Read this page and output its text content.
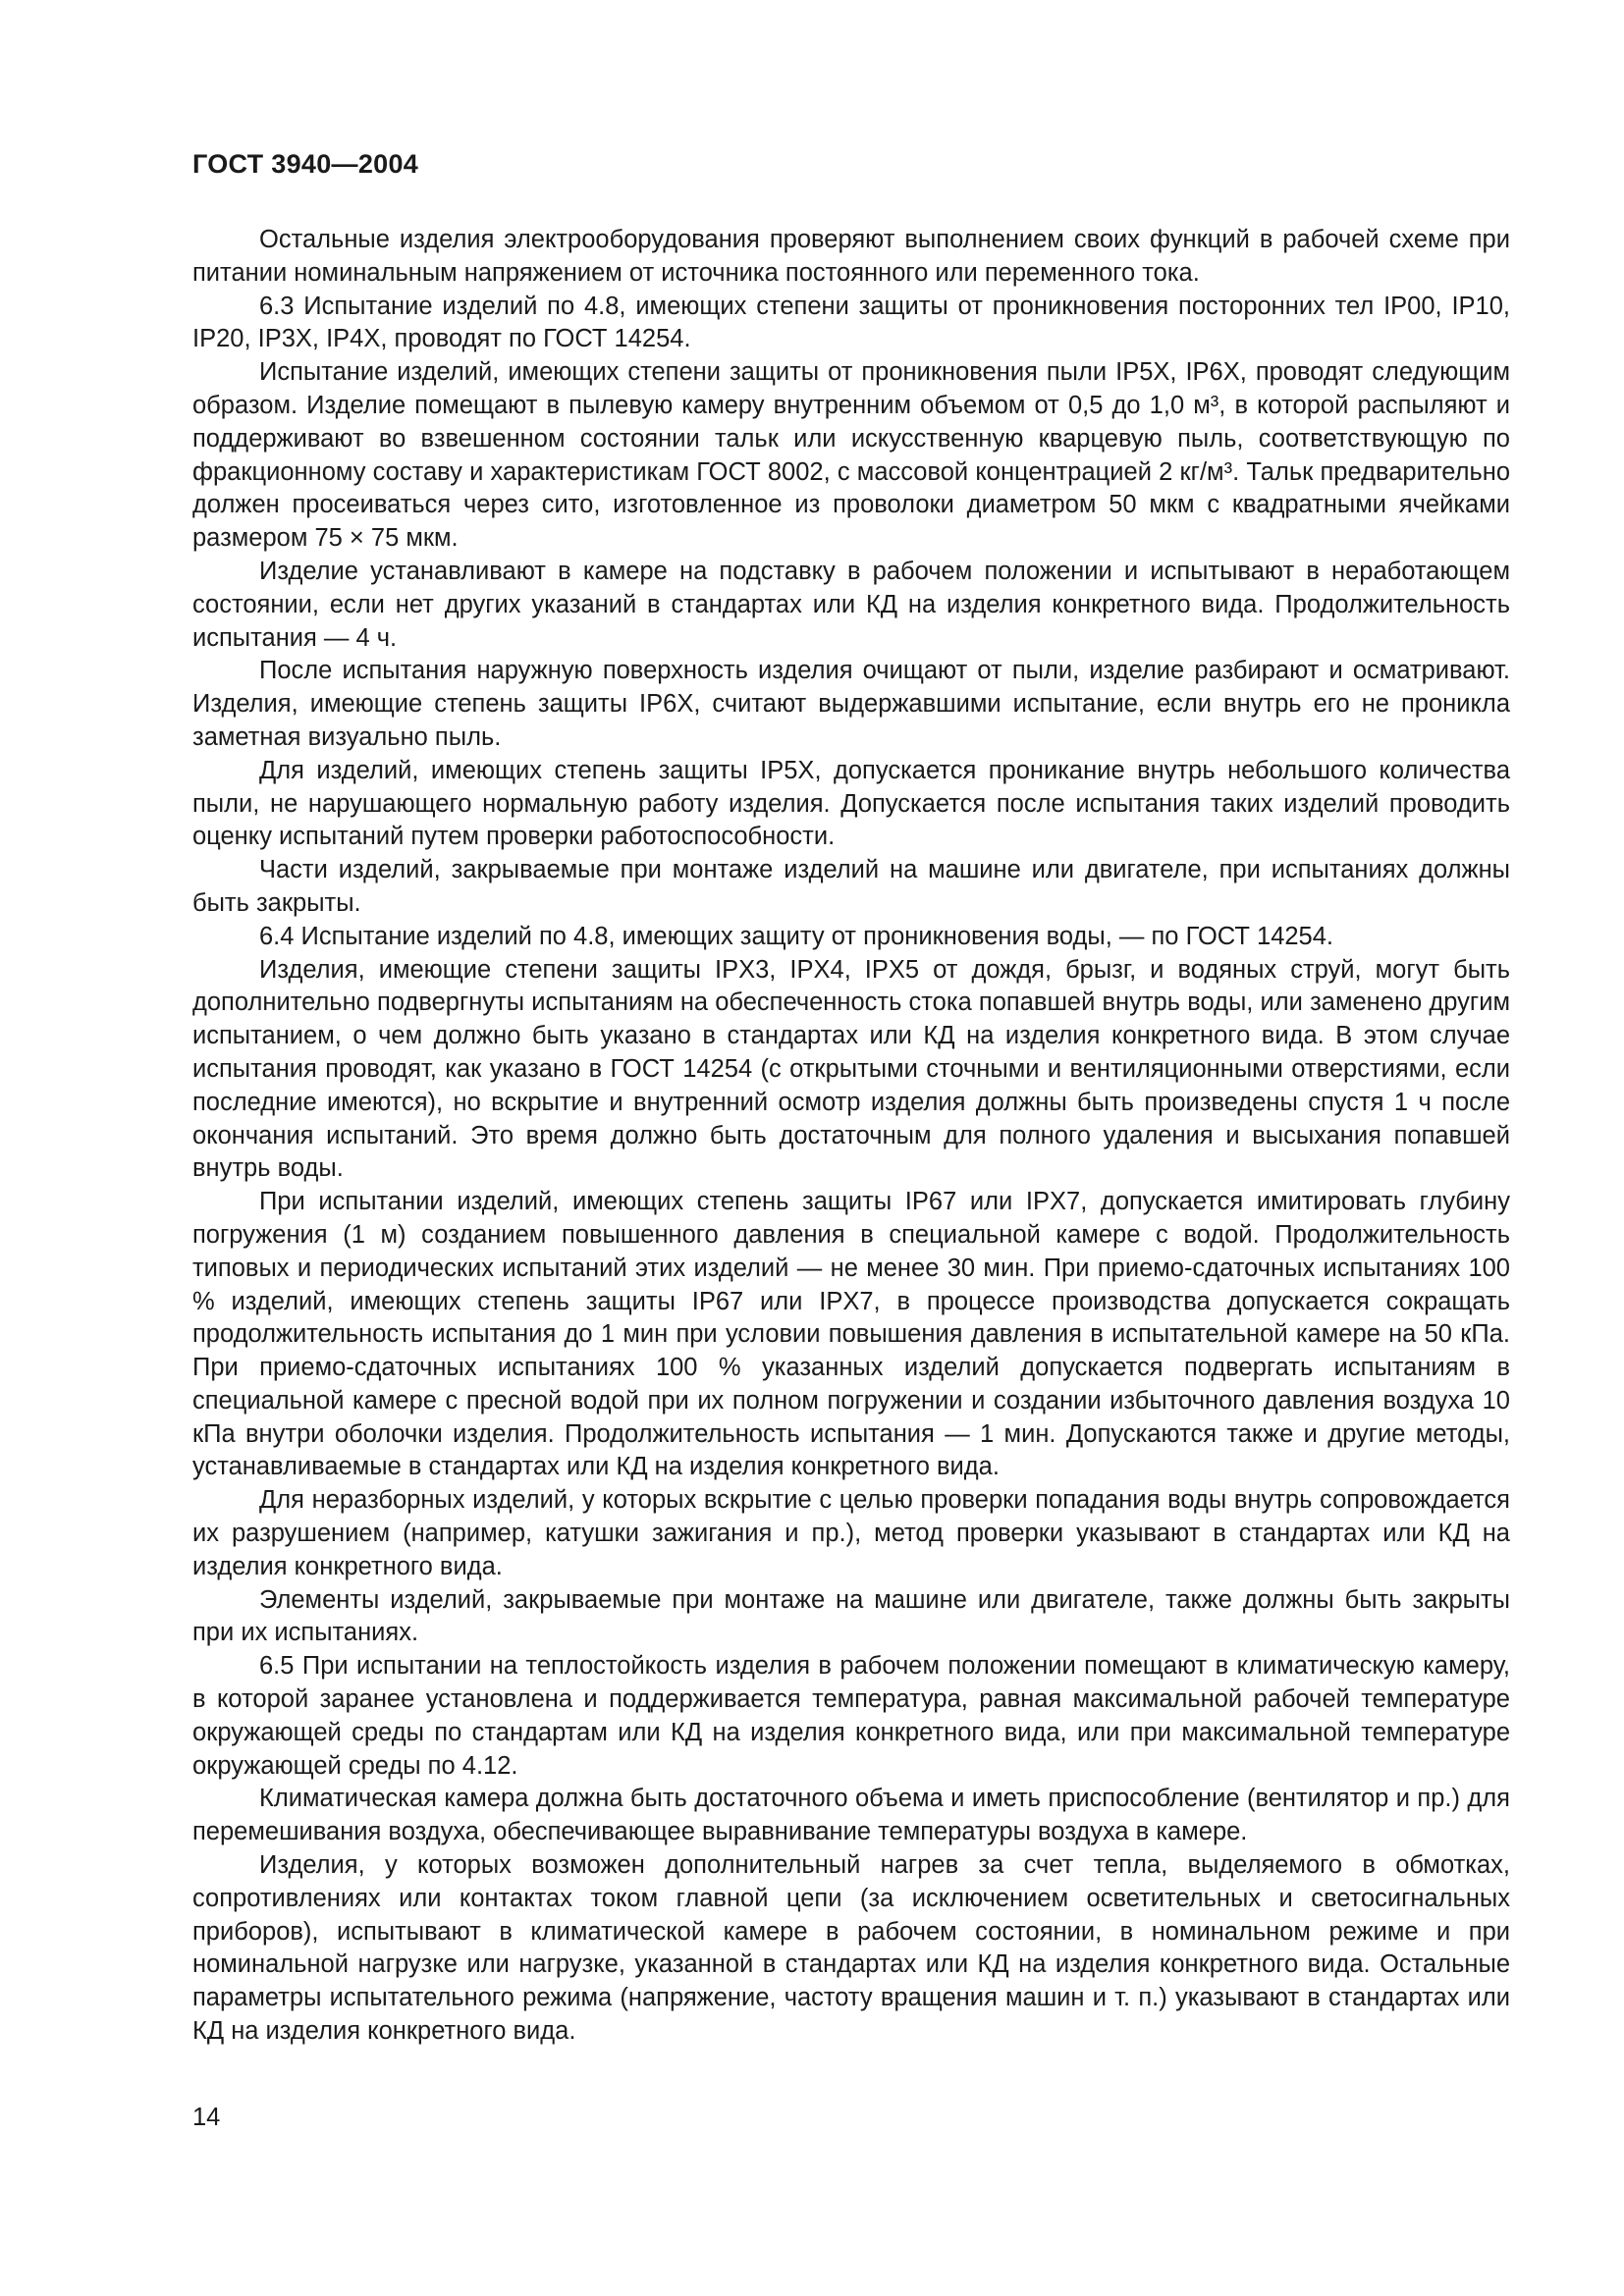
ГОСТ 3940—2004

Остальные изделия электрооборудования проверяют выполнением своих функций в рабочей схеме при питании номинальным напряжением от источника постоянного или переменного тока.

6.3 Испытание изделий по 4.8, имеющих степени защиты от проникновения посторонних тел IP00, IP10, IP20, IP3X, IP4X, проводят по ГОСТ 14254.

Испытание изделий, имеющих степени защиты от проникновения пыли IP5X, IP6X, проводят следующим образом. Изделие помещают в пылевую камеру внутренним объемом от 0,5 до 1,0 м³, в которой распыляют и поддерживают во взвешенном состоянии тальк или искусственную кварцевую пыль, соответствующую по фракционному составу и характеристикам ГОСТ 8002, с массовой концентрацией 2 кг/м³. Тальк предварительно должен просеиваться через сито, изготовленное из проволоки диаметром 50 мкм с квадратными ячейками размером 75 × 75 мкм.

Изделие устанавливают в камере на подставку в рабочем положении и испытывают в неработающем состоянии, если нет других указаний в стандартах или КД на изделия конкретного вида. Продолжительность испытания — 4 ч.

После испытания наружную поверхность изделия очищают от пыли, изделие разбирают и осматривают. Изделия, имеющие степень защиты IP6X, считают выдержавшими испытание, если внутрь его не проникла заметная визуально пыль.

Для изделий, имеющих степень защиты IP5X, допускается проникание внутрь небольшого количества пыли, не нарушающего нормальную работу изделия. Допускается после испытания таких изделий проводить оценку испытаний путем проверки работоспособности.

Части изделий, закрываемые при монтаже изделий на машине или двигателе, при испытаниях должны быть закрыты.

6.4 Испытание изделий по 4.8, имеющих защиту от проникновения воды, — по ГОСТ 14254.

Изделия, имеющие степени защиты IPX3, IPX4, IPX5 от дождя, брызг, и водяных струй, могут быть дополнительно подвергнуты испытаниям на обеспеченность стока попавшей внутрь воды, или заменено другим испытанием, о чем должно быть указано в стандартах или КД на изделия конкретного вида. В этом случае испытания проводят, как указано в ГОСТ 14254 (с открытыми сточными и вентиляционными отверстиями, если последние имеются), но вскрытие и внутренний осмотр изделия должны быть произведены спустя 1 ч после окончания испытаний. Это время должно быть достаточным для полного удаления и высыхания попавшей внутрь воды.

При испытании изделий, имеющих степень защиты IP67 или IPX7, допускается имитировать глубину погружения (1 м) созданием повышенного давления в специальной камере с водой. Продолжительность типовых и периодических испытаний этих изделий — не менее 30 мин. При приемо-сдаточных испытаниях 100 % изделий, имеющих степень защиты IP67 или IPX7, в процессе производства допускается сокращать продолжительность испытания до 1 мин при условии повышения давления в испытательной камере на 50 кПа. При приемо-сдаточных испытаниях 100 % указанных изделий допускается подвергать испытаниям в специальной камере с пресной водой при их полном погружении и создании избыточного давления воздуха 10 кПа внутри оболочки изделия. Продолжительность испытания — 1 мин. Допускаются также и другие методы, устанавливаемые в стандартах или КД на изделия конкретного вида.

Для неразборных изделий, у которых вскрытие с целью проверки попадания воды внутрь сопровождается их разрушением (например, катушки зажигания и пр.), метод проверки указывают в стандартах или КД на изделия конкретного вида.

Элементы изделий, закрываемые при монтаже на машине или двигателе, также должны быть закрыты при их испытаниях.

6.5 При испытании на теплостойкость изделия в рабочем положении помещают в климатическую камеру, в которой заранее установлена и поддерживается температура, равная максимальной рабочей температуре окружающей среды по стандартам или КД на изделия конкретного вида, или при максимальной температуре окружающей среды по 4.12.

Климатическая камера должна быть достаточного объема и иметь приспособление (вентилятор и пр.) для перемешивания воздуха, обеспечивающее выравнивание температуры воздуха в камере.

Изделия, у которых возможен дополнительный нагрев за счет тепла, выделяемого в обмотках, сопротивлениях или контактах током главной цепи (за исключением осветительных и светосигнальных приборов), испытывают в климатической камере в рабочем состоянии, в номинальном режиме и при номинальной нагрузке или нагрузке, указанной в стандартах или КД на изделия конкретного вида. Остальные параметры испытательного режима (напряжение, частоту вращения машин и т. п.) указывают в стандартах или КД на изделия конкретного вида.

14
